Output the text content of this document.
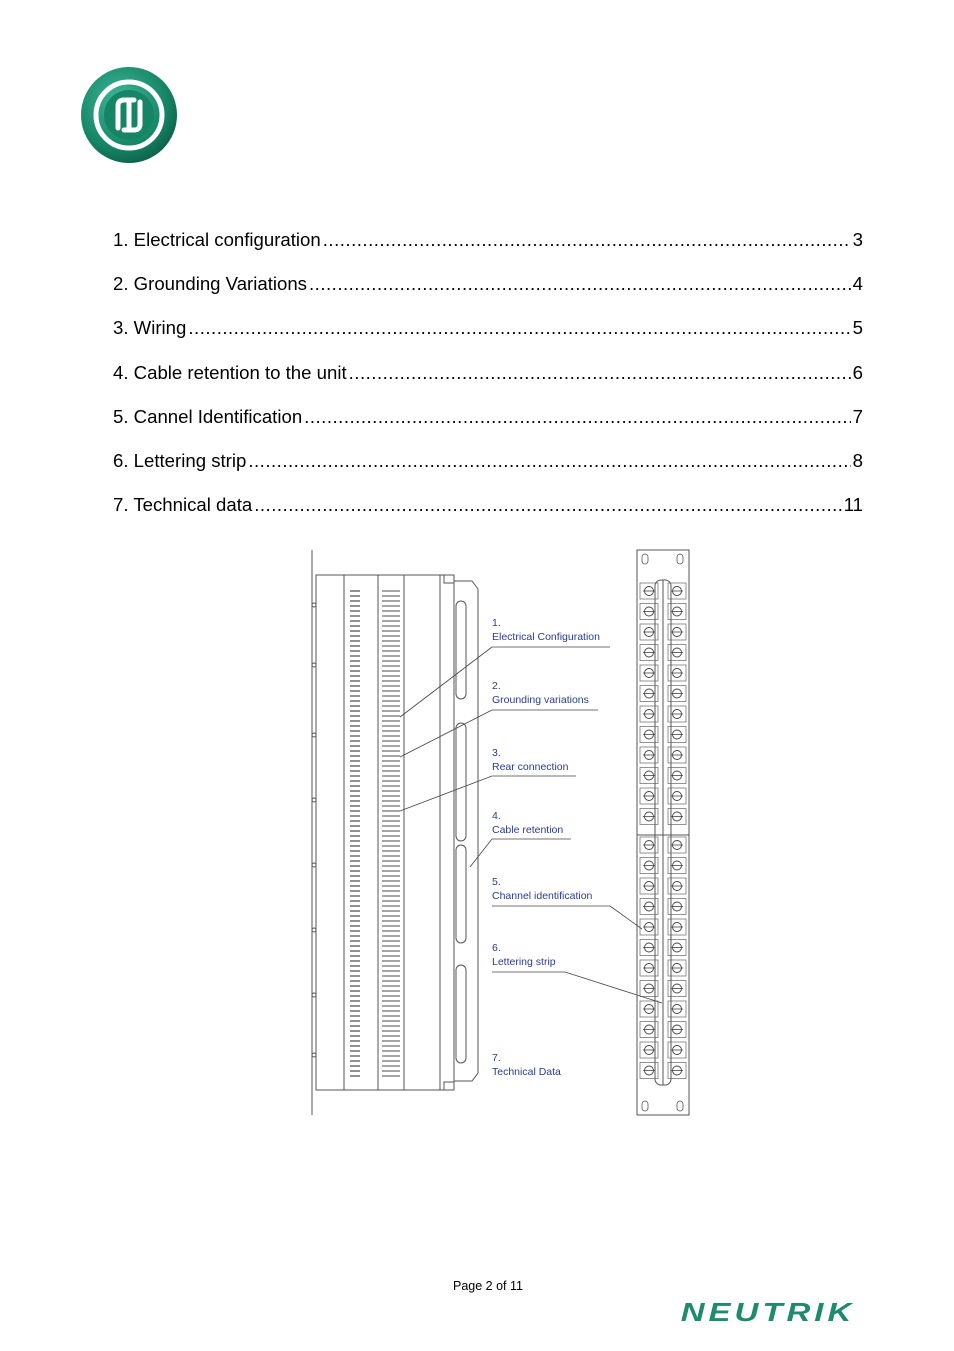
1. Electrical configuration .....	3
2. Grounding Variations .....	4
3. Wiring .....	5
4. Cable retention to the unit .....	6
5. Cannel Identification .....	7
6. Lettering strip .....	8
7. Technical data .....	11
1.
Electrical Configuration
2.
Grounding variations
3.
Rear connection
4.
Cable retention
5.
Channel identification
6.
Lettering strip
7.
Technical Data
Page 2 of 11
NEUTRIK
